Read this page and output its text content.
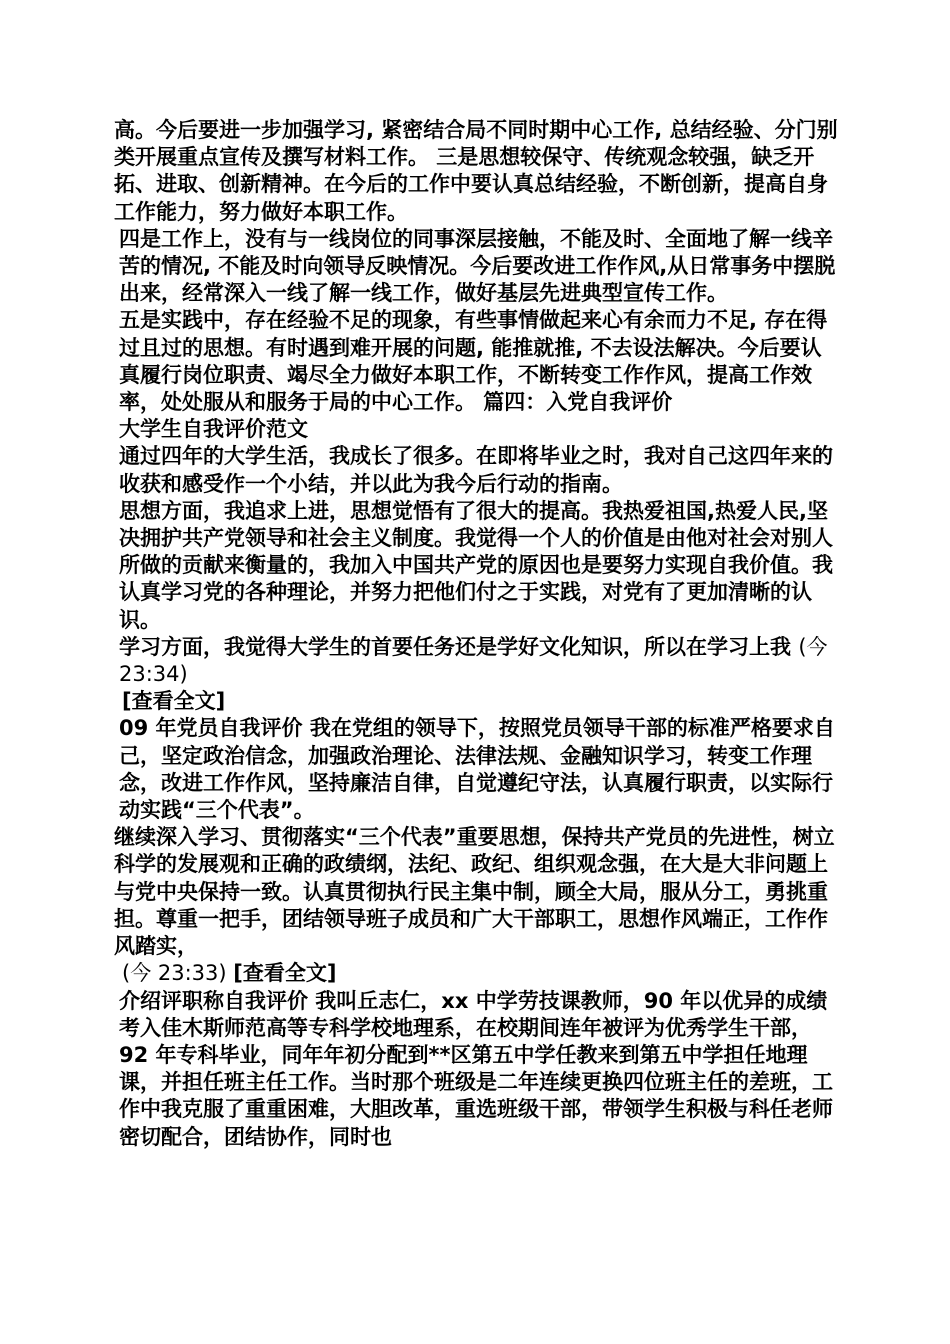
高。今后要进一步加强学习, 紧密结合局不同时期中心工作, 总结经验、分门别类开展重点宣传及撰写材料工作。 三是思想较保守、传统观念较强，缺乏开拓、进取、创新精神。在今后的工作中要认真总结经验，不断创新，提高自身工作能力，努力做好本职工作。

四是工作上，没有与一线岗位的同事深层接触，不能及时、全面地了解一线辛苦的情况, 不能及时向领导反映情况。今后要改进工作作风,从日常事务中摆脱出来，经常深入一线了解一线工作，做好基层先进典型宣传工作。

五是实践中，存在经验不足的现象，有些事情做起来心有余而力不足, 存在得过且过的思想。有时遇到难开展的问题, 能推就推, 不去设法解决。今后要认真履行岗位职责、竭尽全力做好本职工作，不断转变工作作风，提高工作效率，处处服从和服务于局的中心工作。 篇四：入党自我评价

大学生自我评价范文

通过四年的大学生活，我成长了很多。在即将毕业之时，我对自己这四年来的收获和感受作一个小结，并以此为我今后行动的指南。

思想方面，我追求上进，思想觉悟有了很大的提高。我热爱祖国,热爱人民,坚决拥护共产党领导和社会主义制度。我觉得一个人的价值是由他对社会对别人所做的贡献来衡量的，我加入中国共产党的原因也是要努力实现自我价值。我认真学习党的各种理论，并努力把他们付之于实践，对党有了更加清晰的认识。

学习方面，我觉得大学生的首要任务还是学好文化知识，所以在学习上我 (今 23:34)

[查看全文]

09 年党员自我评价 我在党组的领导下，按照党员领导干部的标准严格要求自己，坚定政治信念，加强政治理论、法律法规、金融知识学习，转变工作理念，改进工作作风，坚持廉洁自律，自觉遵纪守法，认真履行职责，以实际行动实践“三个代表”。

继续深入学习、贯彻落实“三个代表”重要思想，保持共产党员的先进性，树立科学的发展观和正确的政绩纲，法纪、政纪、组织观念强，在大是大非问题上与党中央保持一致。认真贯彻执行民主集中制，顾全大局，服从分工，勇挑重担。尊重一把手，团结领导班子成员和广大干部职工，思想作风端正，工作作风踏实，

(今 23:33) [查看全文]

介绍评职称自我评价 我叫丘志仁，xx 中学劳技课教师，90 年以优异的成绩考入佳木斯师范高等专科学校地理系，在校期间连年被评为优秀学生干部，92 年专科毕业，同年年初分配到**区第五中学任教来到第五中学担任地理课，并担任班主任工作。当时那个班级是二年连续更换四位班主任的差班，工作中我克服了重重困难，大胆改革，重选班级干部，带领学生积极与科任老师密切配合，团结协作，同时也
